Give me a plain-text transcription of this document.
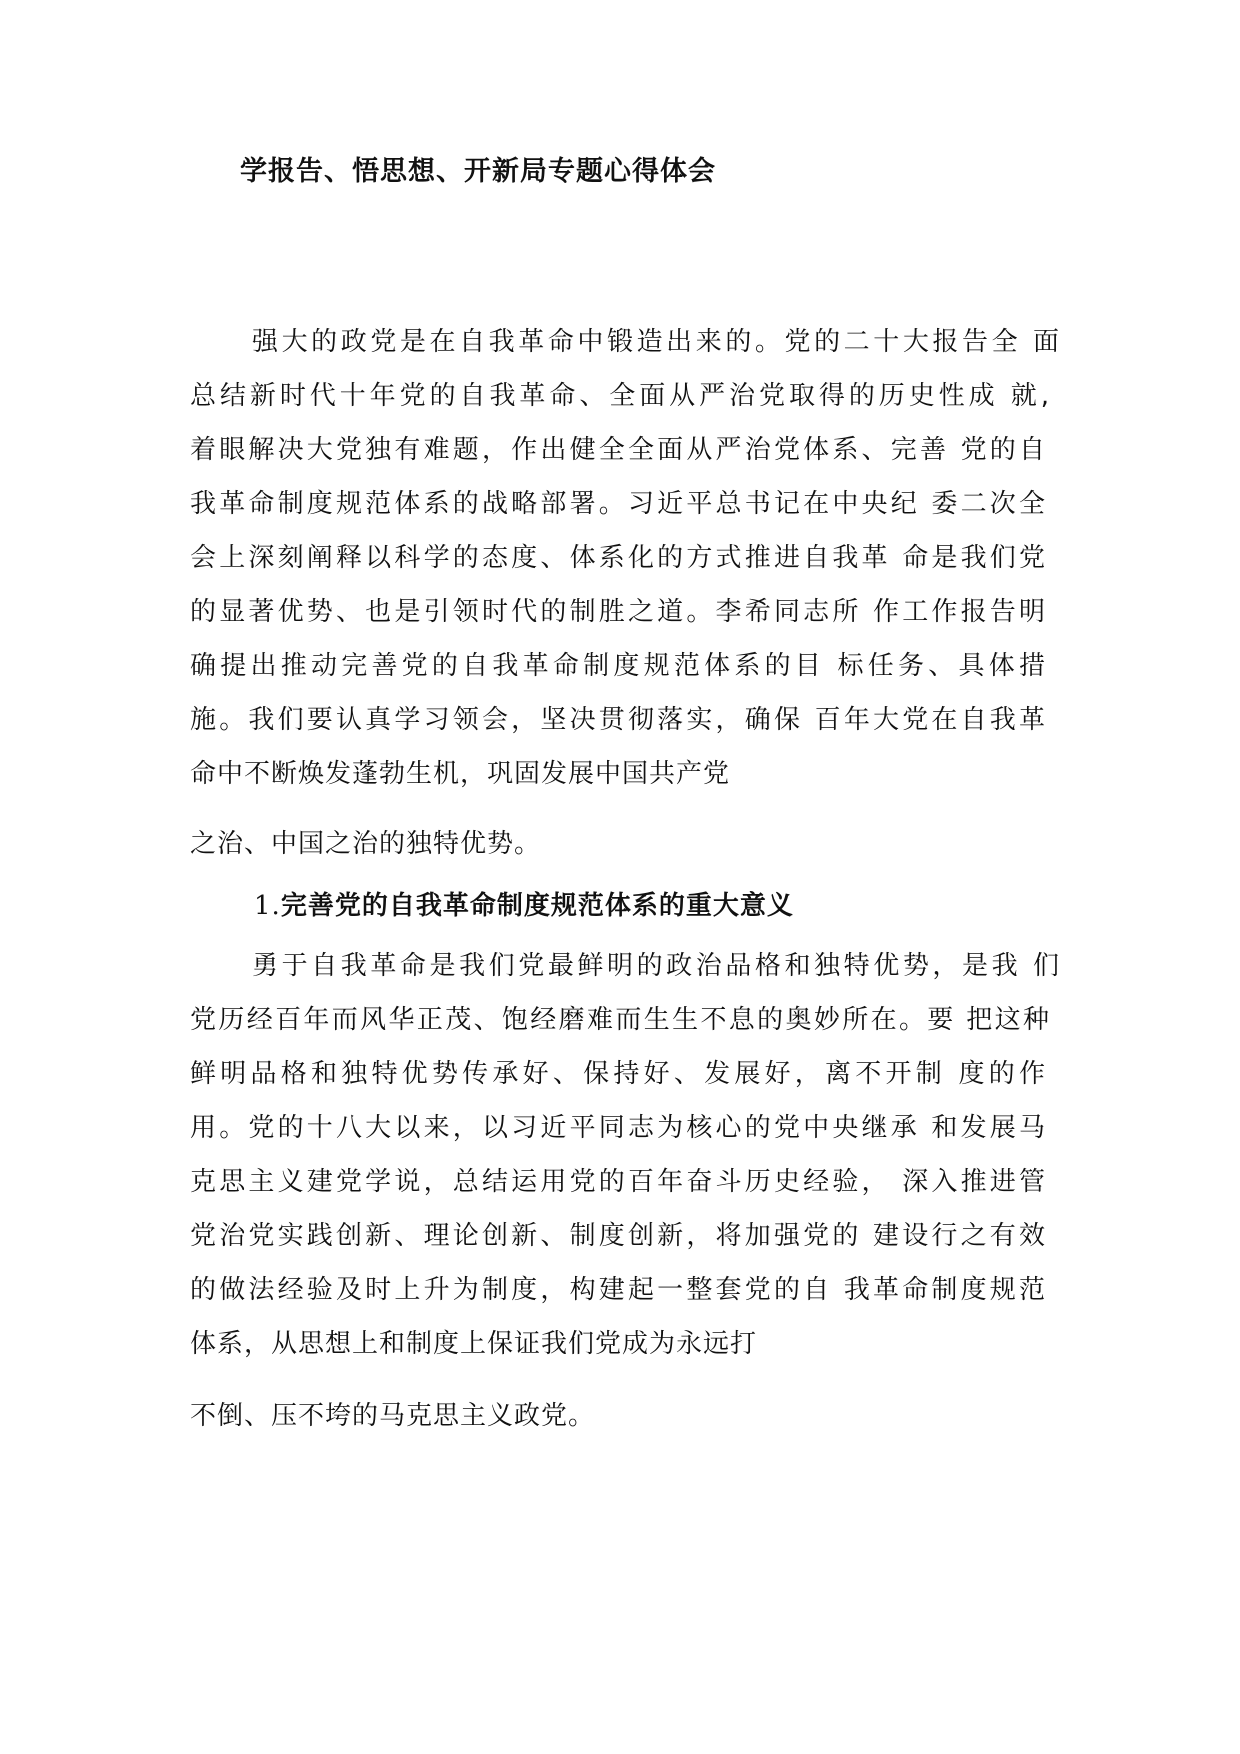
学报告、悟思想、开新局专题心得体会
强大的政党是在自我革命中锻造出来的。党的二十大报告全 面
总结新时代十年党的自我革命、全面从严治党取得的历史性成 就,
着眼解决大党独有难题，作出健全全面从严治党体系、完善 党的自
我革命制度规范体系的战略部署。习近平总书记在中央纪 委二次全
会上深刻阐释以科学的态度、体系化的方式推进自我革 命是我们党
的显著优势、也是引领时代的制胜之道。李希同志所 作工作报告明
确提出推动完善党的自我革命制度规范体系的目 标任务、具体措
施。我们要认真学习领会，坚决贯彻落实，确保 百年大党在自我革
命中不断焕发蓬勃生机，巩固发展中国共产党
之治、中国之治的独特优势。
1.完善党的自我革命制度规范体系的重大意义
勇于自我革命是我们党最鲜明的政治品格和独特优势，是我 们
党历经百年而风华正茂、饱经磨难而生生不息的奥妙所在。要 把这种
鲜明品格和独特优势传承好、保持好、发展好，离不开制 度的作
用。党的十八大以来，以习近平同志为核心的党中央继承 和发展马
克思主义建党学说，总结运用党的百年奋斗历史经验， 深入推进管
党治党实践创新、理论创新、制度创新，将加强党的 建设行之有效
的做法经验及时上升为制度，构建起一整套党的自 我革命制度规范
体系，从思想上和制度上保证我们党成为永远打
不倒、压不垮的马克思主义政党。
